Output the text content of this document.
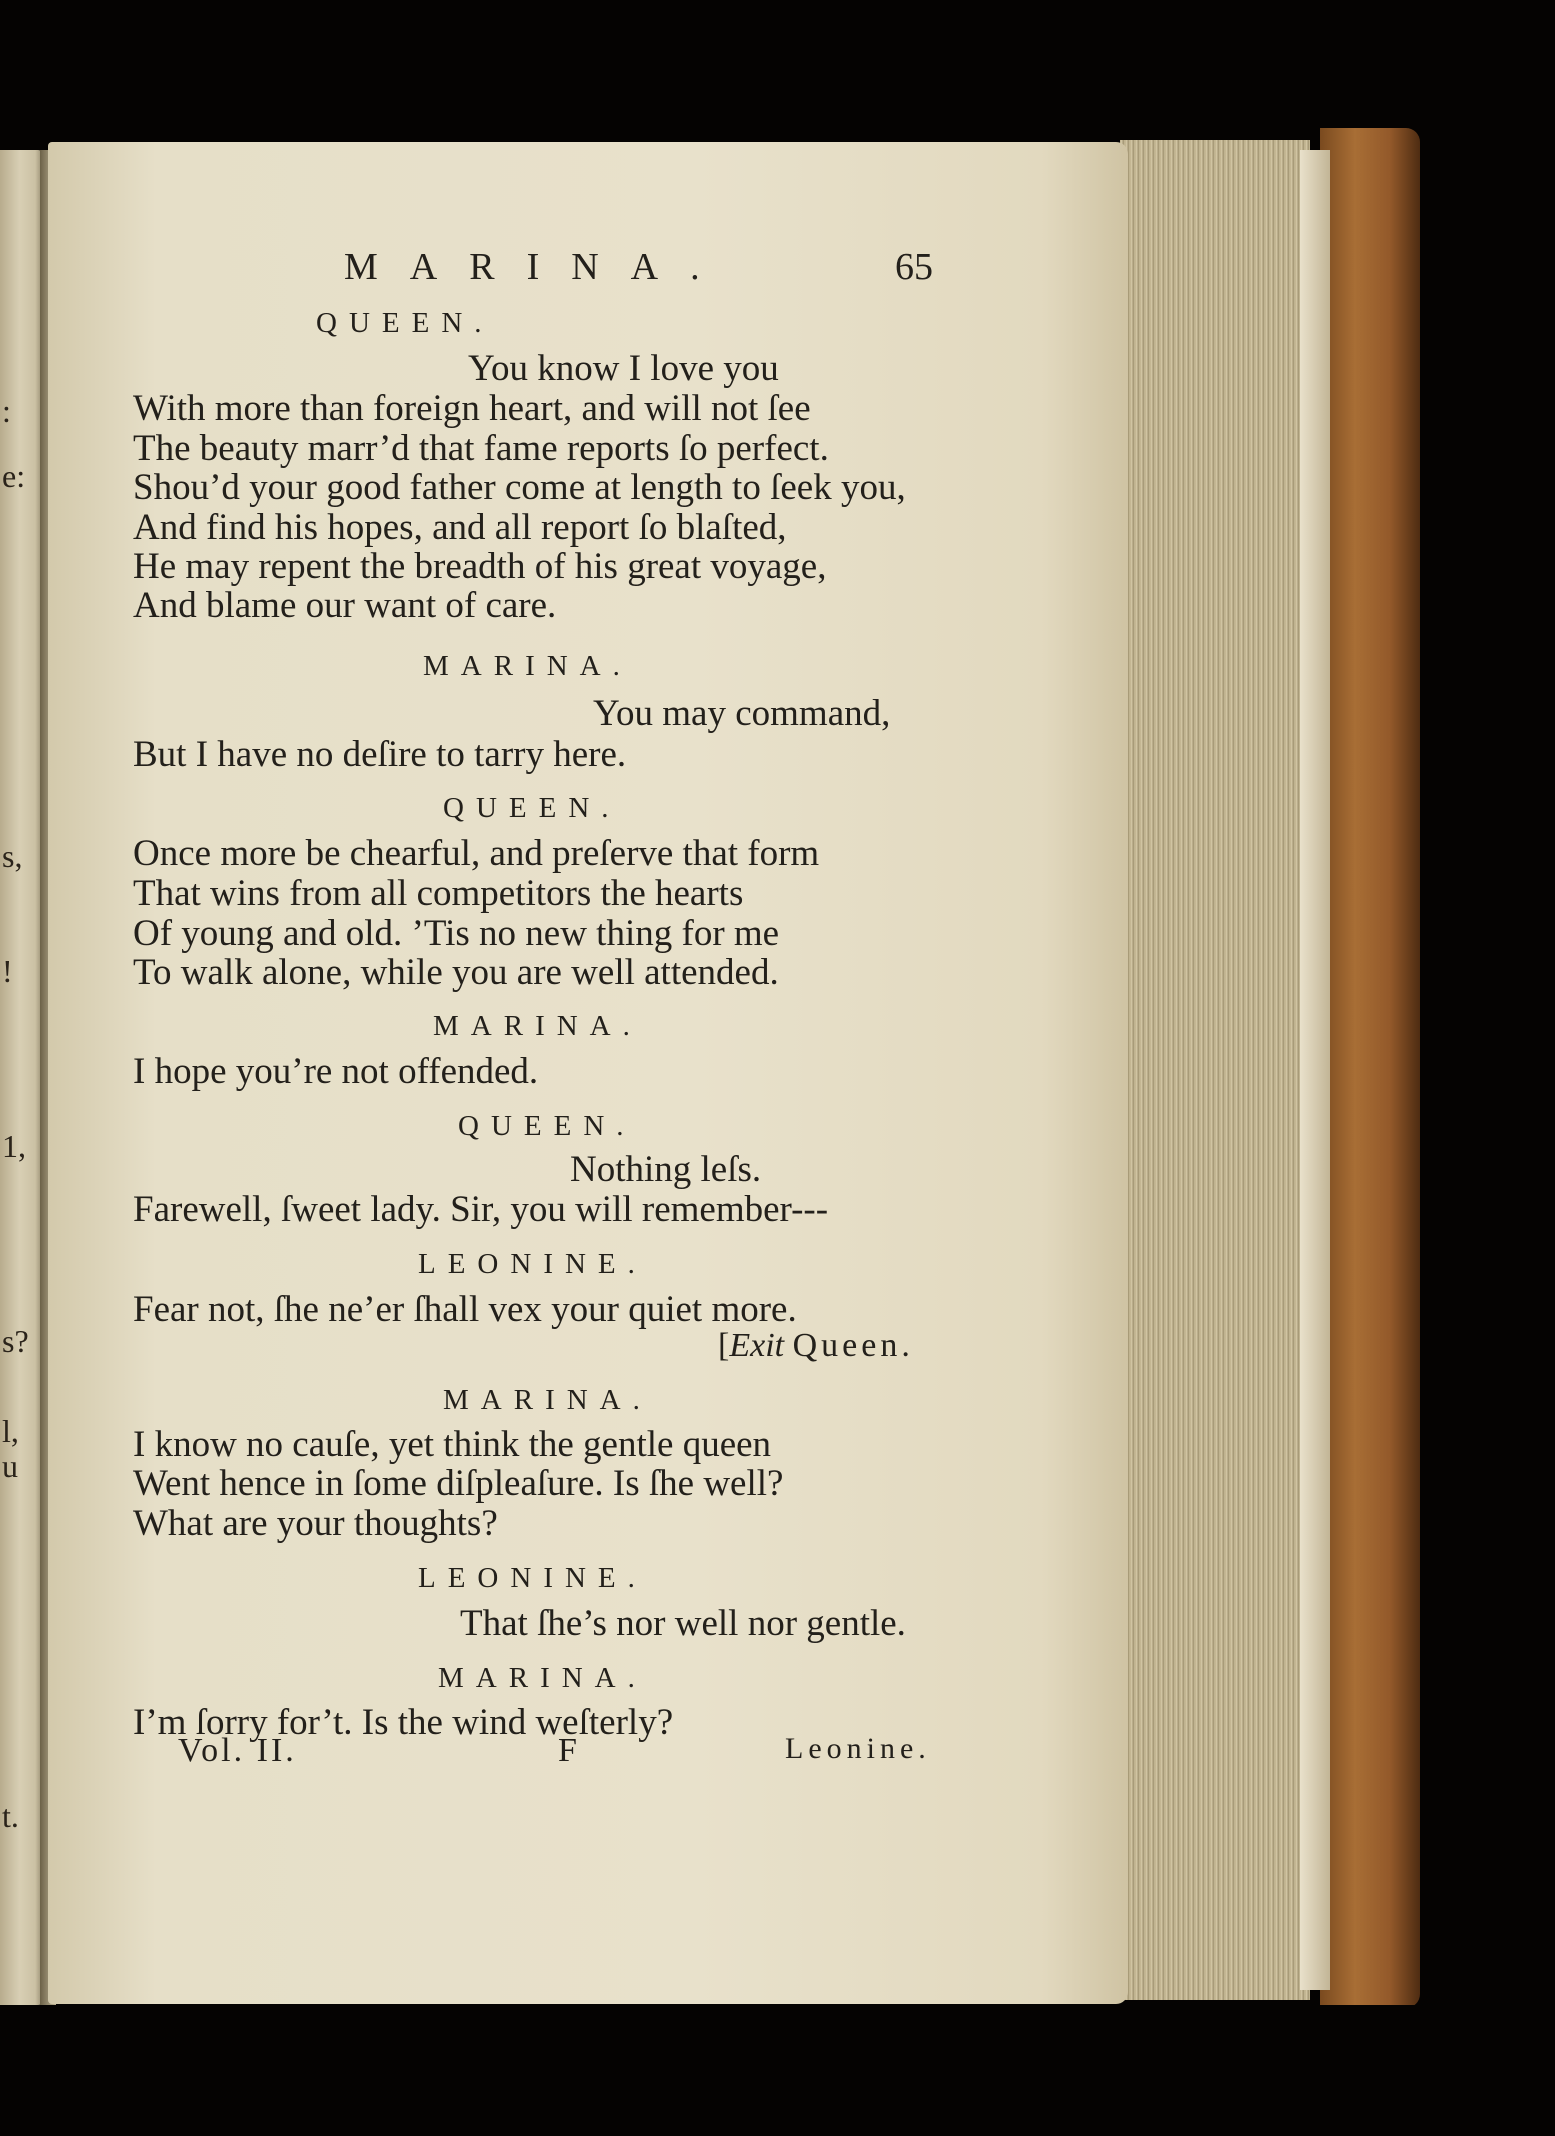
:
e:
s,
!
1,
s?
l,
u
t.
MARINA.	65
QUEEN.
You know I love you
With more than foreign heart, and will not ſee
The beauty marr’d that fame reports ſo perfect.
Shou’d your good father come at length to ſeek you,
And find his hopes, and all report ſo blaſted,
He may repent the breadth of his great voyage,
And blame our want of care.
MARINA.
You may command,
But I have no deſire to tarry here.
QUEEN.
Once more be chearful, and preſerve that form
That wins from all competitors the hearts
Of young and old. ’Tis no new thing for me
To walk alone, while you are well attended.
MARINA.
I hope you’re not offended.
QUEEN.
Nothing leſs.
Farewell, ſweet lady. Sir, you will remember---
LEONINE.
Fear not, ſhe ne’er ſhall vex your quiet more.
[Exit Queen.
MARINA.
I know no cauſe, yet think the gentle queen
Went hence in ſome diſpleaſure. Is ſhe well?
What are your thoughts?
LEONINE.
That ſhe’s nor well nor gentle.
MARINA.
I’m ſorry for’t. Is the wind weſterly?
Vol. II.	F	Leonine.
